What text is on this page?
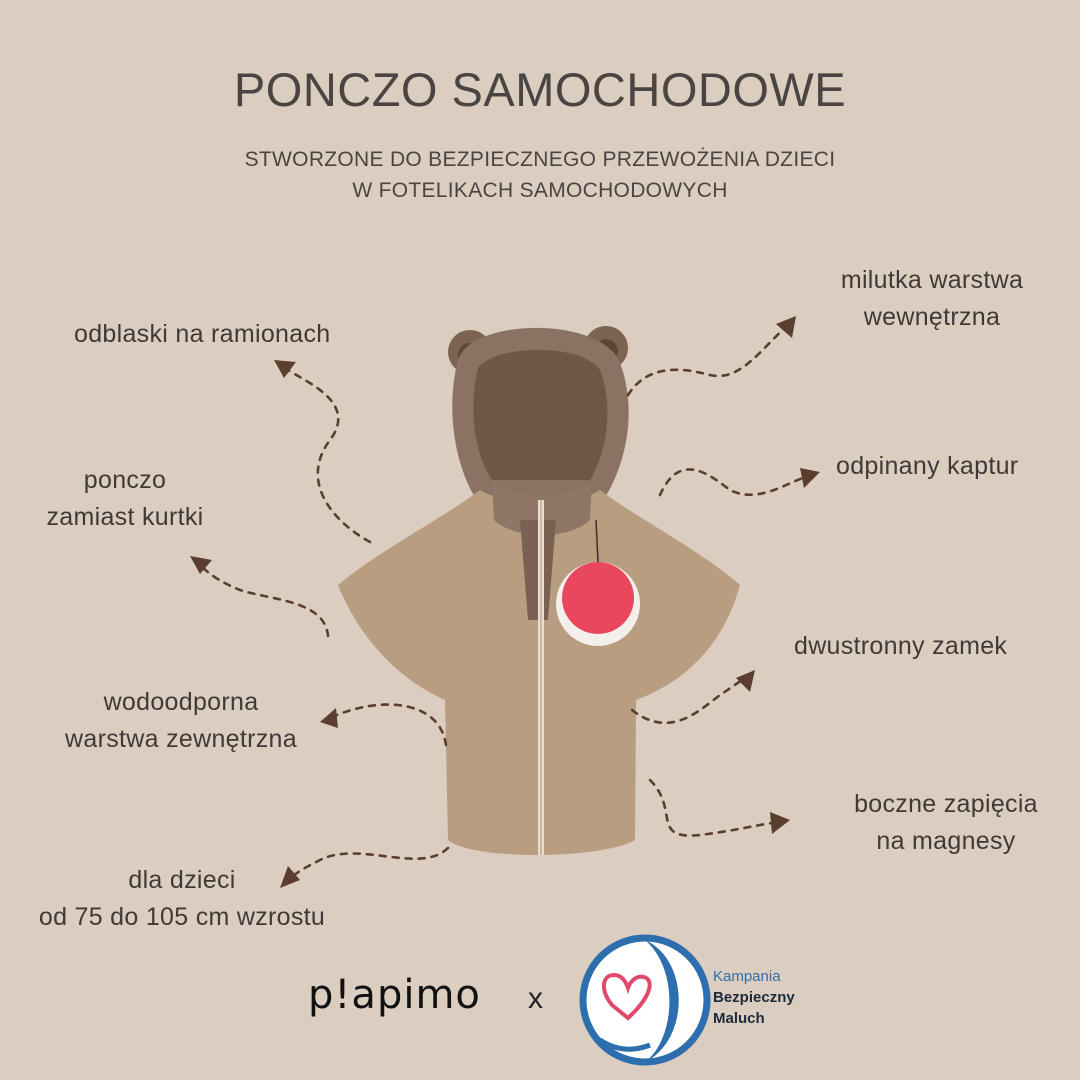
PONCZO SAMOCHODOWE
STWORZONE DO BEZPIECZNEGO PRZEWOŻENIA DZIECI
W FOTELIKACH SAMOCHODOWYCH
odblaski na ramionach
ponczo
zamiast kurtki
wodoodporna
warstwa zewnętrzna
dla dzieci
od 75 do 105 cm wzrostu
milutka warstwa
wewnętrzna
odpinany kaptur
dwustronny zamek
boczne zapięcia
na magnesy
p!apimo x
Kampania
Bezpieczny
Maluch
